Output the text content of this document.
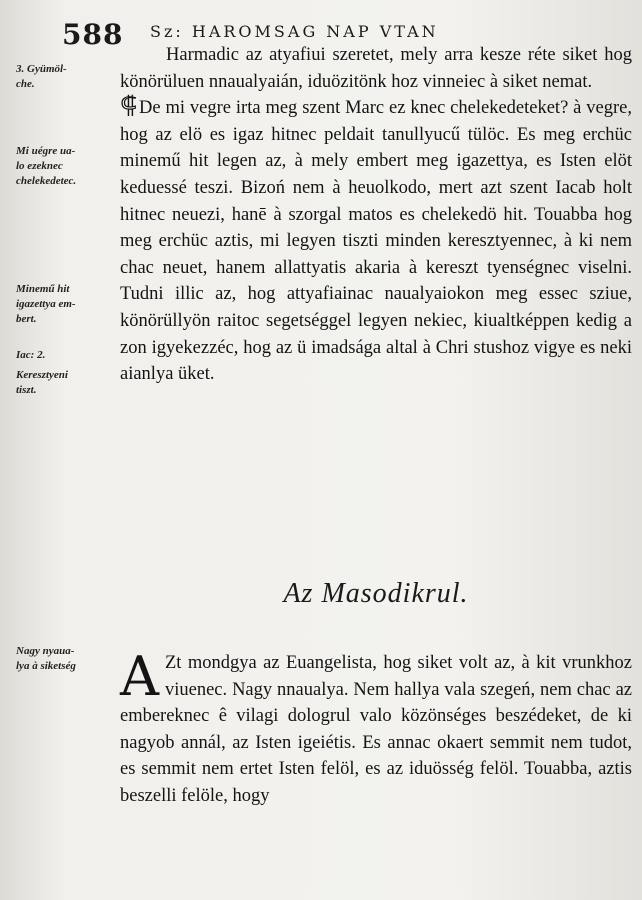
588 Sz: HAROMSAG NAP VTAN
3. Gyümöl-
che.
Mi uégre ua-
lo ezeknec
chelekedetec.
Minemű hit
igazettya em-
bert.
Iac: 2.
Keresztyeni
tiszt.
Nagy nyaua-
lya à siketség

Harmadic az atyafiui szeretet, mely arra kesze réte siket hog könörüluen nnaualyaián, iduözitönk hoz vinneiec à siket nemat.

⸿ De mi vegre irta meg szent Marc ez knec chelekedeteket? à vegre, hog az elö es igaz hitnec peldait tanullyucű tülöc. Es meg erchüc minemű hit legen az, à mely embert meg igazettya, es Isten elöt keduessé teszi. Bizoń nem à heuolkodo, mert azt szent Iacab holt hitnec neuezi, hanē à szorgal matos es chelekedö hit. Touabba hog meg erchüc aztis, mi legyen tiszti minden keresztyennec, à ki nem chac neuet, hanem allattyatis akaria à kereszt tyenségnec viselni. Tudni illic az, hog attyafiainac naualyaiokon meg essec sziue, könörüllyön raitoc segetséggel legyen nekiec, kiualtképpen kedig a zon igyekezzéc, hog az ü imadsága altal à Chri stushoz vigye es neki aianlya üket.

Az Masodikrul.

A Zt mondgya az Euangelista, hog siket volt az, à kit vrunkhoz viuenec. Nagy nnaualya. Nem hallya vala szegeń, nem chac az embereknec ê vilagi dologrul valo közönséges beszédeket, de ki nagyob annál, az Isten igeiétis. Es annac okaert semmit nem tudot, es semmit nem ertet Isten felöl, es az iduösség felöl. Touabba, aztis beszelli felöle, hogy
